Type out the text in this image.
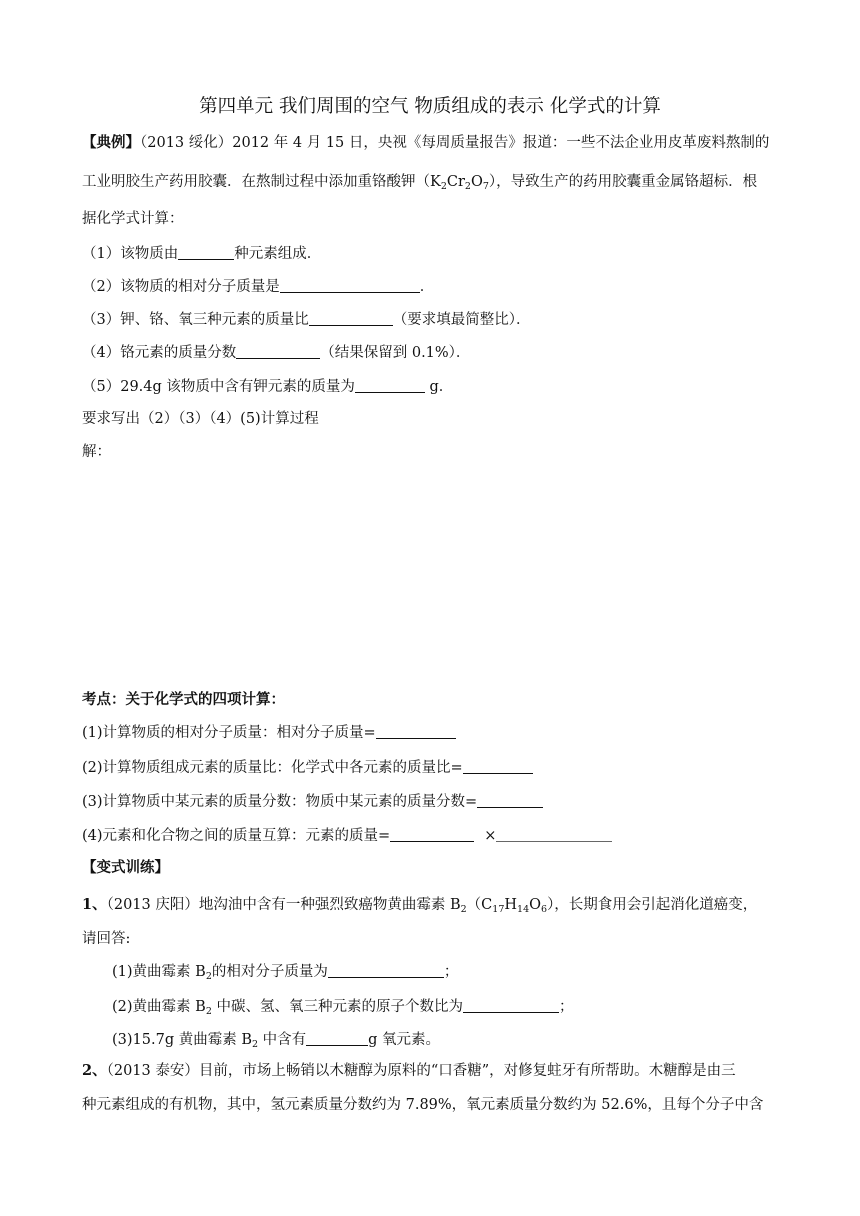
第四单元 我们周围的空气 物质组成的表示 化学式的计算
【典例】（2013 绥化）2012 年 4 月 15 日，央视《每周质量报告》报道：一些不法企业用皮革废料熬制的
工业明胶生产药用胶囊．在熬制过程中添加重铬酸钾$(K_2Cr_2O_7)$，导致生产的药用胶囊重金属铬超标．根
据化学式计算：
（1）该物质由	种元素组成．
（2）该物质的相对分子质量是	．
（3）钾、铬、氧三种元素的质量比	（要求填最简整比）．
（4）铬元素的质量分数	（结果保留到 0.1%）．
（5）29.4g 该物质中含有钾元素的质量为	g．
要求写出（2）（3）（4）(5)计算过程
解：
考点：关于化学式的四项计算：
(1)计算物质的相对分子质量：相对分子质量=
(2)计算物质组成元素的质量比：化学式中各元素的质量比=
(3)计算物质中某元素的质量分数：物质中某元素的质量分数=
(4)元素和化合物之间的质量互算：元素的质量=	×
【变式训练】
1、（2013 庆阳）地沟油中含有一种强烈致癌物黄曲霉素 $B_2(C_{17}H_{14}O_6)$，长期食用会引起消化道癌变，
请回答:
(1)黄曲霉素 $B_2$的相对分子质量为	；
(2)黄曲霉素 $B_2$ 中碳、氢、氧三种元素的原子个数比为	；
(3)15.7g 黄曲霉素 $B_2$ 中含有	g 氧元素。
2、（2013 泰安）目前，市场上畅销以木糖醇为原料的“口香糖”，对修复蛀牙有所帮助。木糖醇是由三
种元素组成的有机物，其中，氢元素质量分数约为 7.89%，氧元素质量分数约为 52.6%，且每个分子中含
